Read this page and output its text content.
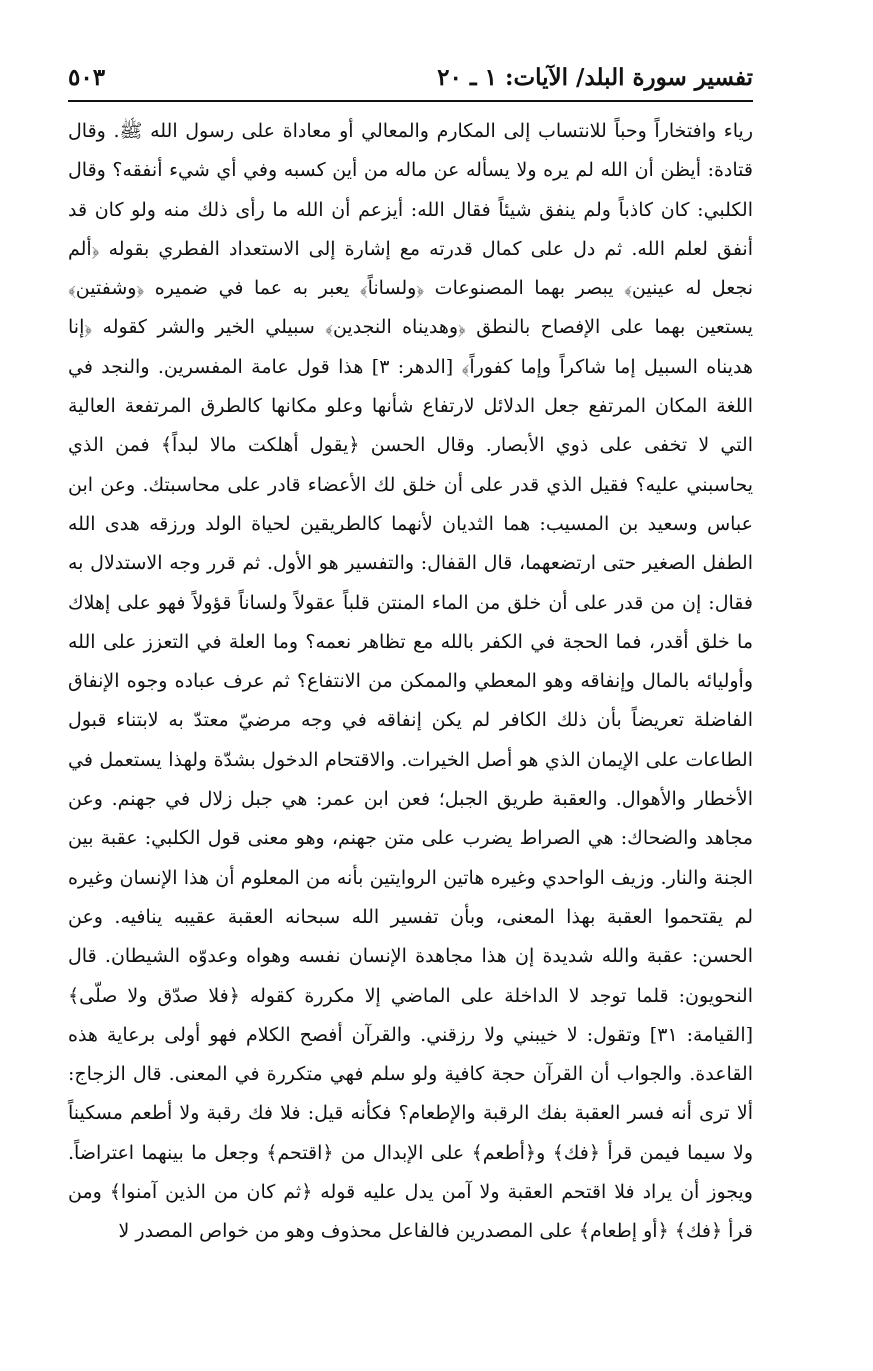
تفسير سورة البلد/ الآيات: ١ ـ ٢٠
٥٠٣

رياء وافتخاراً وحباً للانتساب إلى المكارم والمعالي أو معاداة على رسول الله ﷺ. وقال قتادة: أيظن أن الله لم يره ولا يسأله عن ماله من أين كسبه وفي أي شيء أنفقه؟ وقال الكلبي: كان كاذباً ولم ينفق شيئاً فقال الله: أيزعم أن الله ما رأى ذلك منه ولو كان قد أنفق لعلم الله. ثم دل على كمال قدرته مع إشارة إلى الاستعداد الفطري بقوله ﴿ألم نجعل له عينين﴾ يبصر بهما المصنوعات ﴿ولساناً﴾ يعبر به عما في ضميره ﴿وشفتين﴾ يستعين بهما على الإفصاح بالنطق ﴿وهديناه النجدين﴾ سبيلي الخير والشر كقوله ﴿إنا هديناه السبيل إما شاكراً وإما كفوراً﴾ [الدهر: ٣] هذا قول عامة المفسرين. والنجد في اللغة المكان المرتفع جعل الدلائل لارتفاع شأنها وعلو مكانها كالطرق المرتفعة العالية التي لا تخفى على ذوي الأبصار. وقال الحسن ﴿يقول أهلكت مالا لبداً﴾ فمن الذي يحاسبني عليه؟ فقيل الذي قدر على أن خلق لك الأعضاء قادر على محاسبتك. وعن ابن عباس وسعيد بن المسيب: هما الثديان لأنهما كالطريقين لحياة الولد ورزقه هدى الله الطفل الصغير حتى ارتضعهما، قال القفال: والتفسير هو الأول. ثم قرر وجه الاستدلال به فقال: إن من قدر على أن خلق من الماء المنتن قلباً عقولاً ولساناً قؤولاً فهو على إهلاك ما خلق أقدر، فما الحجة في الكفر بالله مع تظاهر نعمه؟ وما العلة في التعزز على الله وأوليائه بالمال وإنفاقه وهو المعطي والممكن من الانتفاع؟ ثم عرف عباده وجوه الإنفاق الفاضلة تعريضاً بأن ذلك الكافر لم يكن إنفاقه في وجه مرضيّ معتدّ به لابتناء قبول الطاعات على الإيمان الذي هو أصل الخيرات. والاقتحام الدخول بشدّة ولهذا يستعمل في الأخطار والأهوال. والعقبة طريق الجبل؛ فعن ابن عمر: هي جبل زلال في جهنم. وعن مجاهد والضحاك: هي الصراط يضرب على متن جهنم، وهو معنى قول الكلبي: عقبة بين الجنة والنار. وزيف الواحدي وغيره هاتين الروايتين بأنه من المعلوم أن هذا الإنسان وغيره لم يقتحموا العقبة بهذا المعنى، وبأن تفسير الله سبحانه العقبة عقيبه ينافيه. وعن الحسن: عقبة والله شديدة إن هذا مجاهدة الإنسان نفسه وهواه وعدوّه الشيطان. قال النحويون: قلما توجد لا الداخلة على الماضي إلا مكررة كقوله ﴿فلا صدّق ولا صلّى﴾ [القيامة: ٣١] وتقول: لا خيبني ولا رزقني. والقرآن أفصح الكلام فهو أولى برعاية هذه القاعدة. والجواب أن القرآن حجة كافية ولو سلم فهي متكررة في المعنى. قال الزجاج: ألا ترى أنه فسر العقبة بفك الرقبة والإطعام؟ فكأنه قيل: فلا فك رقبة ولا أطعم مسكيناً ولا سيما فيمن قرأ ﴿فك﴾ و﴿أطعم﴾ على الإبدال من ﴿اقتحم﴾ وجعل ما بينهما اعتراضاً. ويجوز أن يراد فلا اقتحم العقبة ولا آمن يدل عليه قوله ﴿ثم كان من الذين آمنوا﴾ ومن قرأ ﴿فك﴾ ﴿أو إطعام﴾ على المصدرين فالفاعل محذوف وهو من خواص المصدر لا
